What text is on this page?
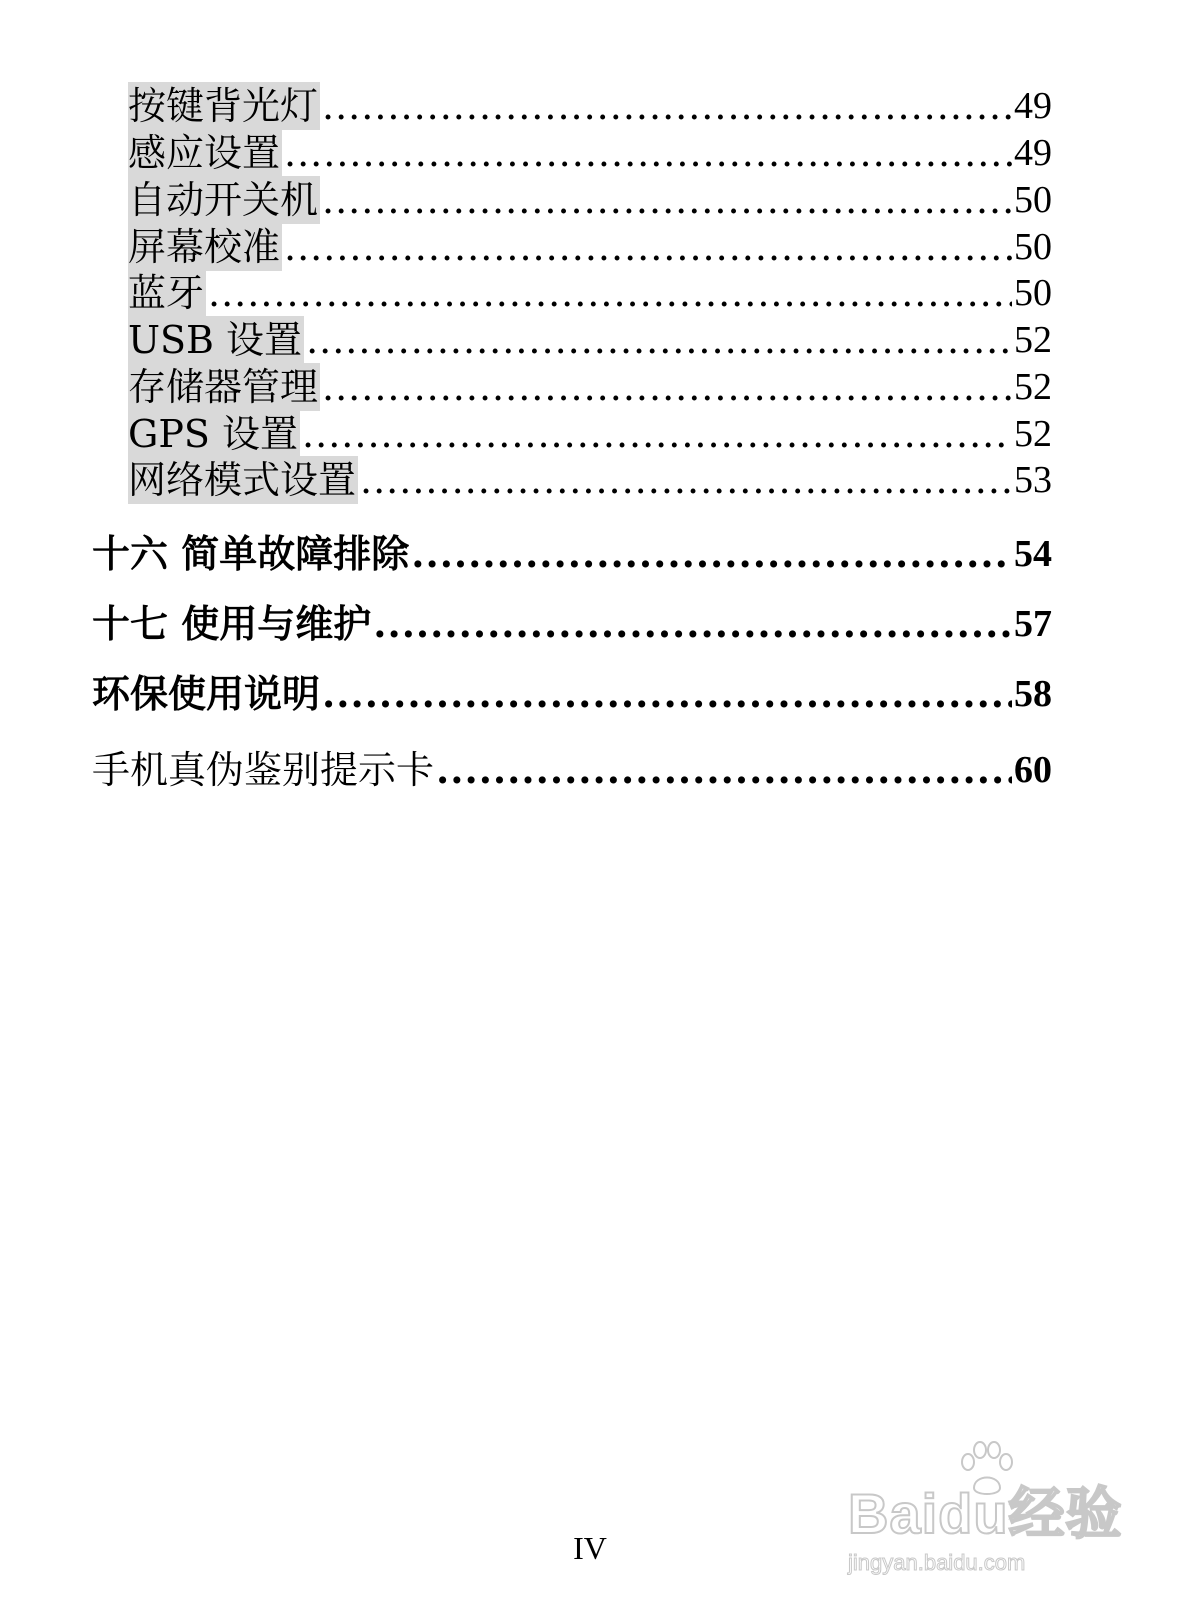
按键背光灯 .....	49
感应设置 .....	49
自动开关机 .....	50
屏幕校准 .....	50
蓝牙 .....	50
USB 设置 .....	52
存储器管理 .....	52
GPS 设置 .....	52
网络模式设置 .....	53
十六 简单故障排除 .....	54
十七 使用与维护 .....	57
环保使用说明 .....	58
手机真伪鉴别提示卡 .....	60
Baidu经验
jingyan.baidu.com
IV
